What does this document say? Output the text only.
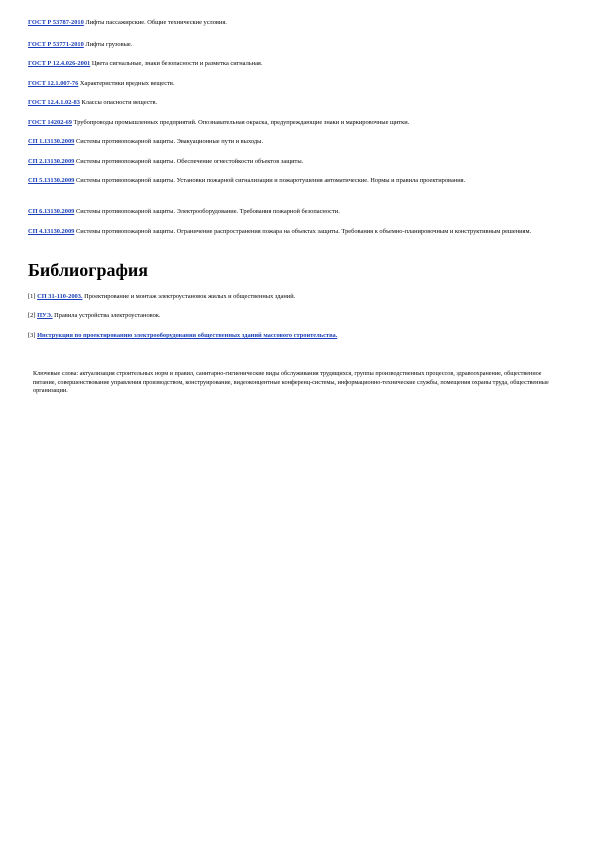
ГОСТ Р 53787-2010 Лифты пассажирские. Общие технические условия.

ГОСТ Р 53771-2010 Лифты грузовые.

ГОСТ Р 12.4.026-2001 Цвета сигнальные, знаки безопасности и разметка сигнальная.

ГОСТ 12.1.007-76 Характеристики вредных веществ.

ГОСТ 12.4.1.02-83 Классы опасности веществ.

ГОСТ 14202-69 Трубопроводы промышленных предприятий. Опознавательная окраска, предупреждающие знаки и маркировочные щитки.

СП 1.13130.2009 Системы противопожарной защиты. Эвакуационные пути и выходы.

СП 2.13130.2009 Системы противопожарной защиты. Обеспечение огнестойкости объектов защиты.

СП 5.13130.2009 Системы противопожарной защиты. Установки пожарной сигнализации и пожаротушения автоматические. Нормы и правила проектирования.

СП 6.13130.2009 Системы противопожарной защиты. Электрооборудование. Требования пожарной безопасности.

СП 4.13130.2009 Системы противопожарной защиты. Ограничение распространения пожара на объектах защиты. Требования к объемно-планировочным и конструктивным решениям.

Библиография

[1] СП 31-110-2003. Проектирование и монтаж электроустановок жилых и общественных зданий.

[2] ПУЭ. Правила устройства электроустановок.

[3] Инструкция по проектированию электрооборудования общественных зданий массового строительства.

Ключевые слова: актуализация строительных норм и правил, санитарно-гигиенические виды обслуживания трудящихся, группы производственных процессов, здравоохранение, общественное питание, совершенствование управления производством, конструирование, видеоконцентные конференц-системы, информационно-технические службы, помещения охраны труда, общественные организации.
